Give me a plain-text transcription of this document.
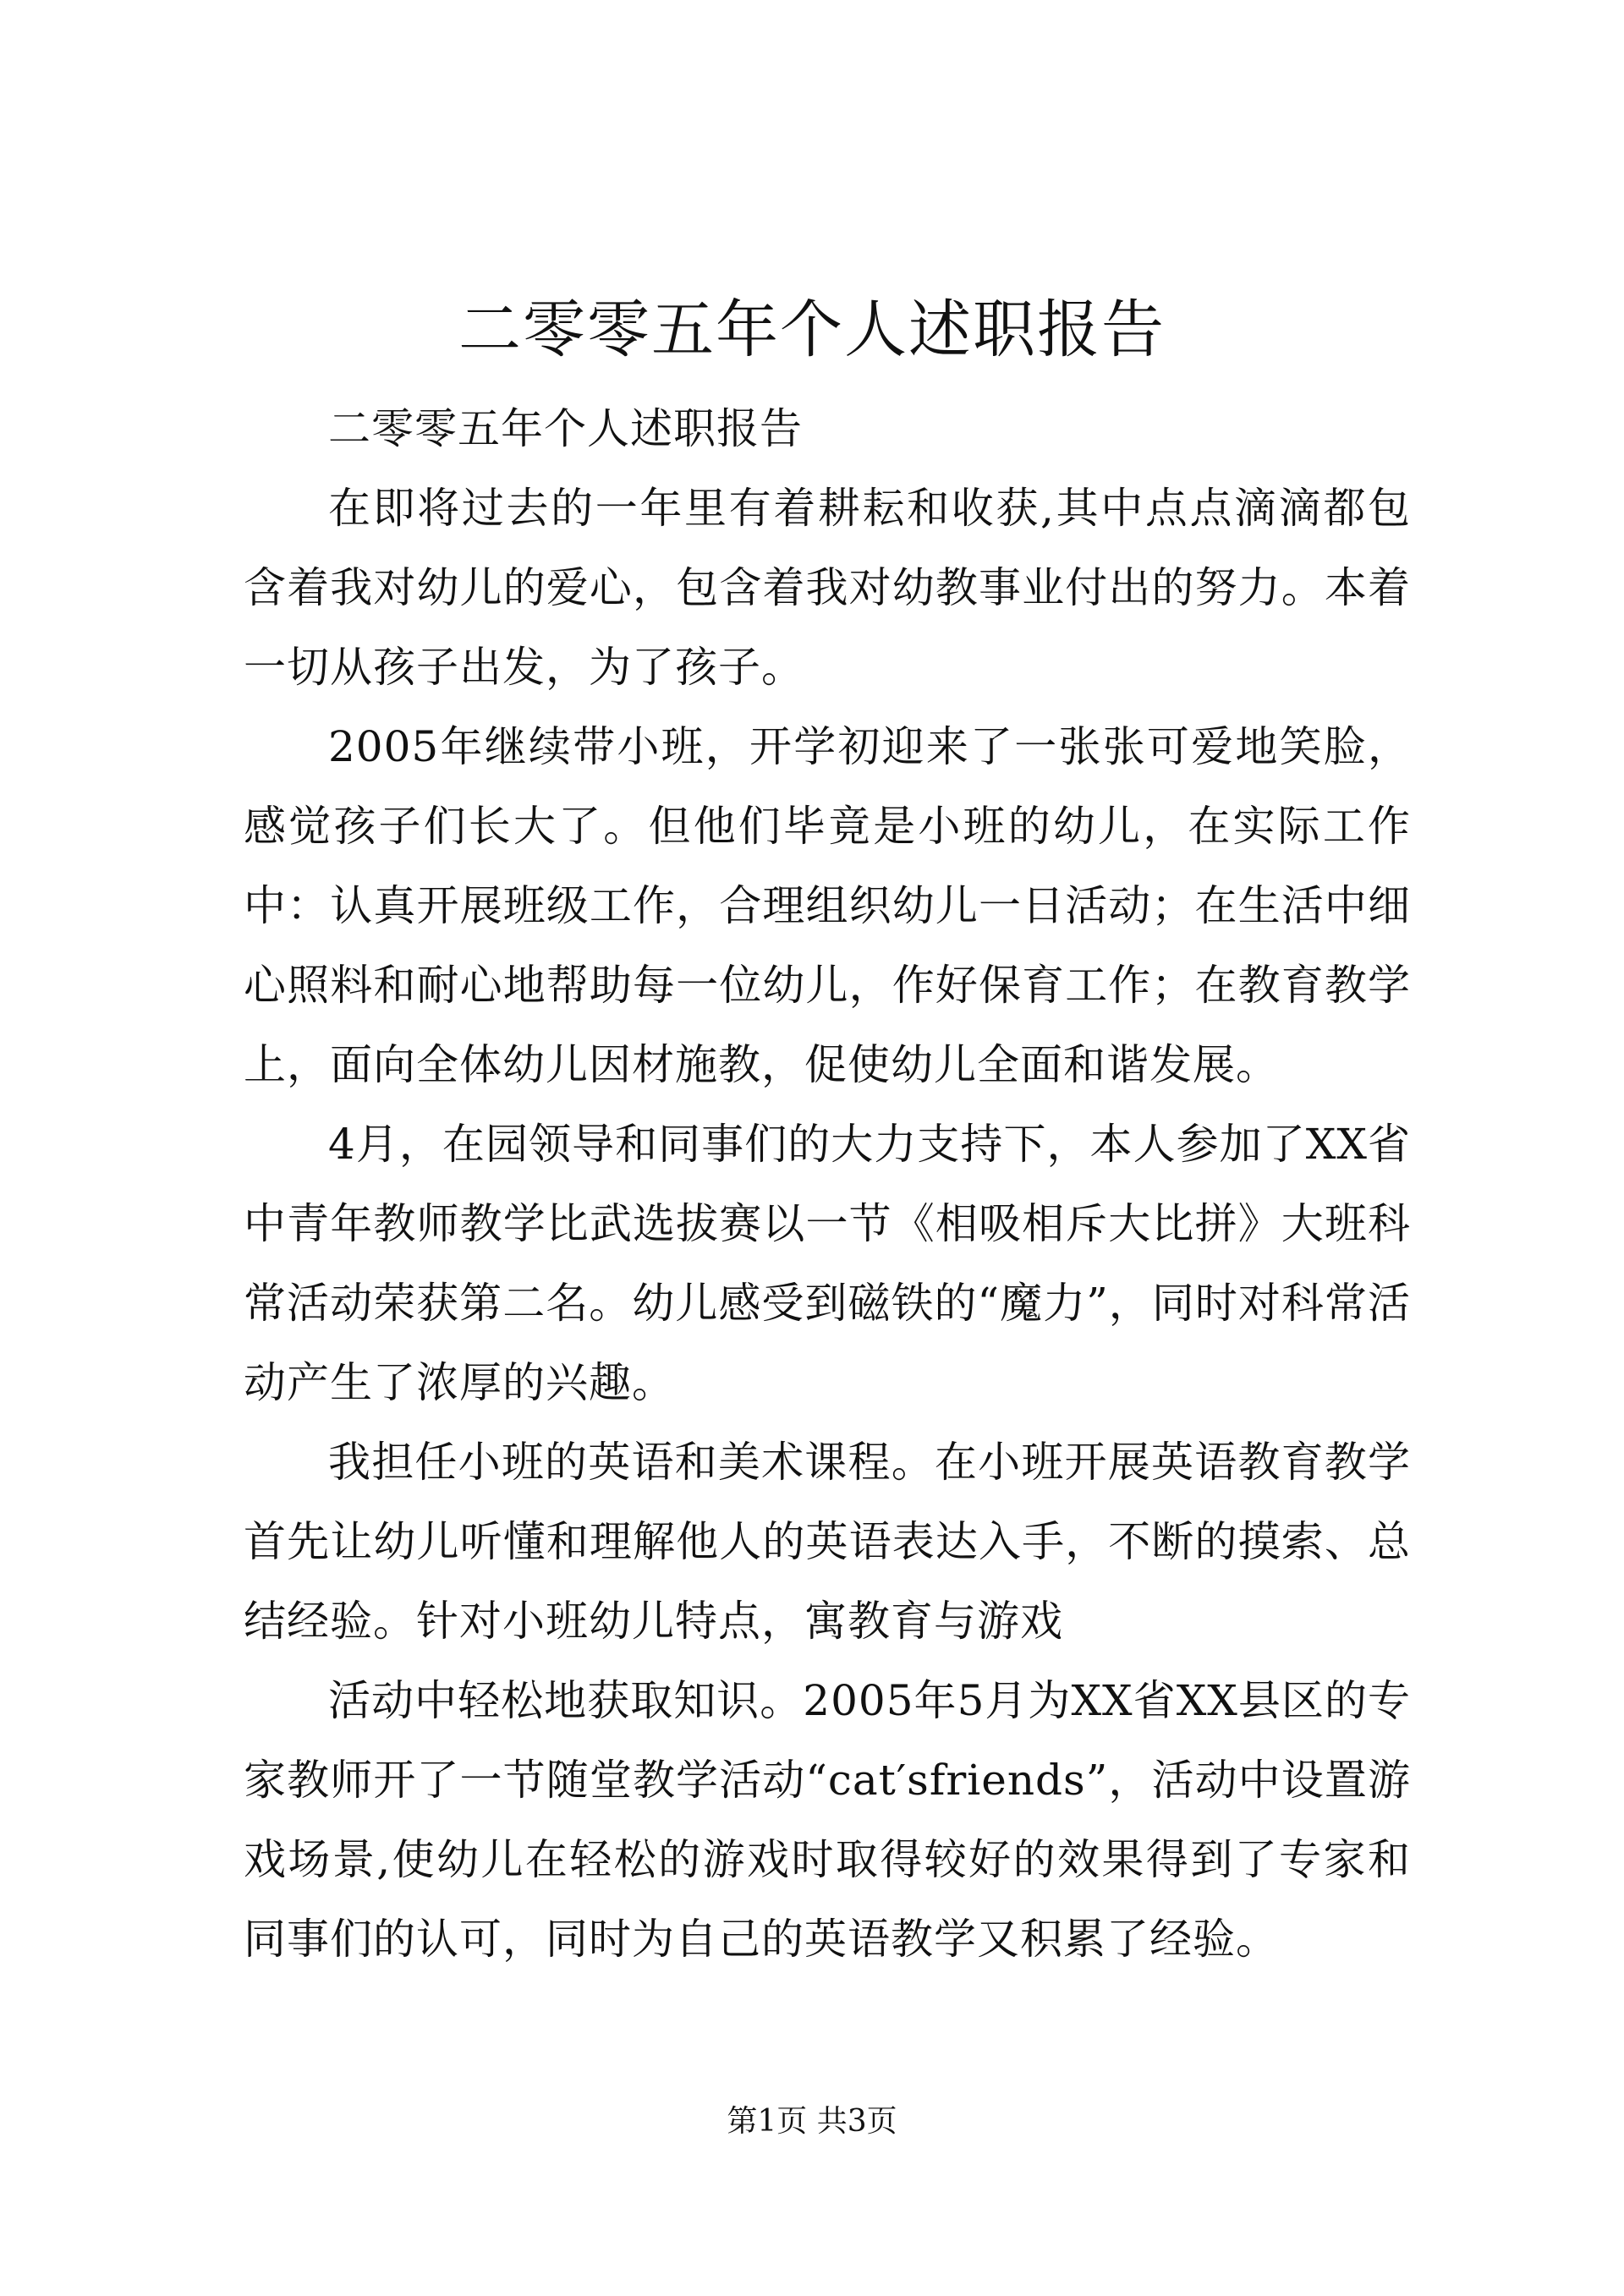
二零零五年个人述职报告

二零零五年个人述职报告

在即将过去的一年里有着耕耘和收获,其中点点滴滴都包含着我对幼儿的爱心，包含着我对幼教事业付出的努力。本着一切从孩子出发，为了孩子。

2005年继续带小班，开学初迎来了一张张可爱地笑脸，感觉孩子们长大了。但他们毕竟是小班的幼儿，在实际工作中：认真开展班级工作，合理组织幼儿一日活动；在生活中细心照料和耐心地帮助每一位幼儿，作好保育工作；在教育教学上，面向全体幼儿因材施教，促使幼儿全面和谐发展。

4月，在园领导和同事们的大力支持下，本人参加了XX省中青年教师教学比武选拔赛以一节《相吸相斥大比拼》大班科常活动荣获第二名。幼儿感受到磁铁的“魔力”，同时对科常活动产生了浓厚的兴趣。

我担任小班的英语和美术课程。在小班开展英语教育教学首先让幼儿听懂和理解他人的英语表达入手，不断的摸索、总结经验。针对小班幼儿特点，寓教育与游戏

活动中轻松地获取知识。2005年5月为XX省XX县区的专家教师开了一节随堂教学活动“cat′sfriends”，活动中设置游戏场景,使幼儿在轻松的游戏时取得较好的效果得到了专家和同事们的认可，同时为自己的英语教学又积累了经验。

第1页 共3页
